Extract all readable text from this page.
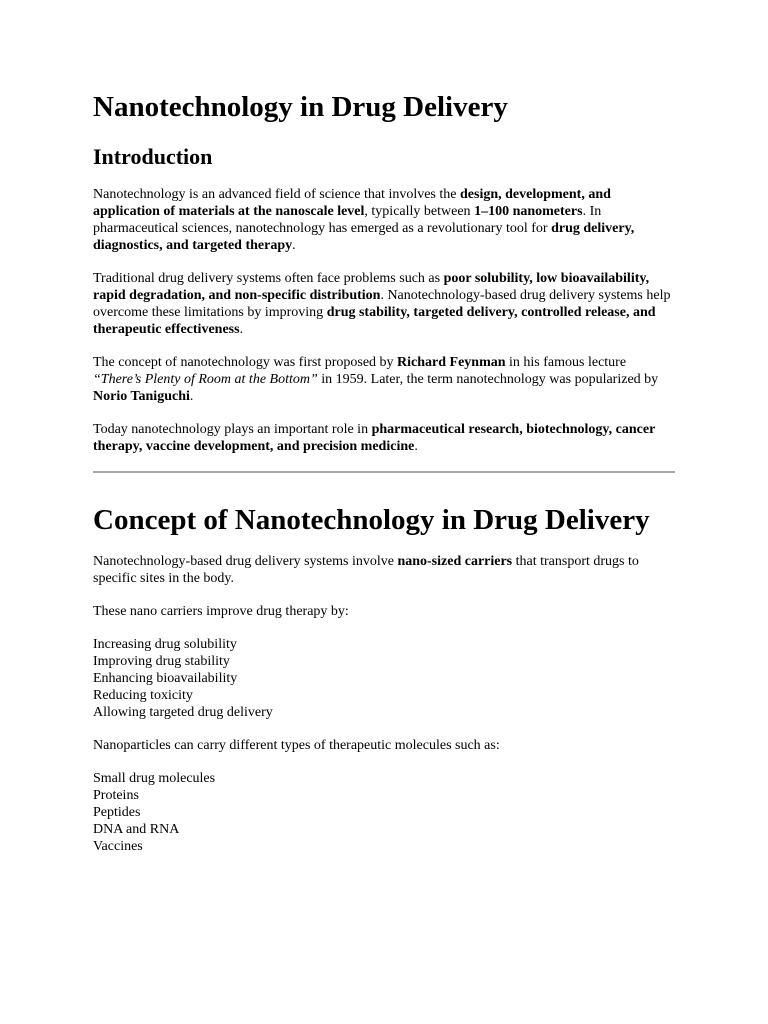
Nanotechnology in Drug Delivery
Introduction

Nanotechnology is an advanced field of science that involves the design, development, and application of materials at the nanoscale level, typically between 1–100 nanometers. In pharmaceutical sciences, nanotechnology has emerged as a revolutionary tool for drug delivery, diagnostics, and targeted therapy.

Traditional drug delivery systems often face problems such as poor solubility, low bioavailability, rapid degradation, and non-specific distribution. Nanotechnology-based drug delivery systems help overcome these limitations by improving drug stability, targeted delivery, controlled release, and therapeutic effectiveness.

The concept of nanotechnology was first proposed by Richard Feynman in his famous lecture “There’s Plenty of Room at the Bottom” in 1959. Later, the term nanotechnology was popularized by Norio Taniguchi.

Today nanotechnology plays an important role in pharmaceutical research, biotechnology, cancer therapy, vaccine development, and precision medicine.

Concept of Nanotechnology in Drug Delivery

Nanotechnology-based drug delivery systems involve nano-sized carriers that transport drugs to specific sites in the body.

These nano carriers improve drug therapy by:

Increasing drug solubility
Improving drug stability
Enhancing bioavailability
Reducing toxicity
Allowing targeted drug delivery

Nanoparticles can carry different types of therapeutic molecules such as:

Small drug molecules
Proteins
Peptides
DNA and RNA
Vaccines
